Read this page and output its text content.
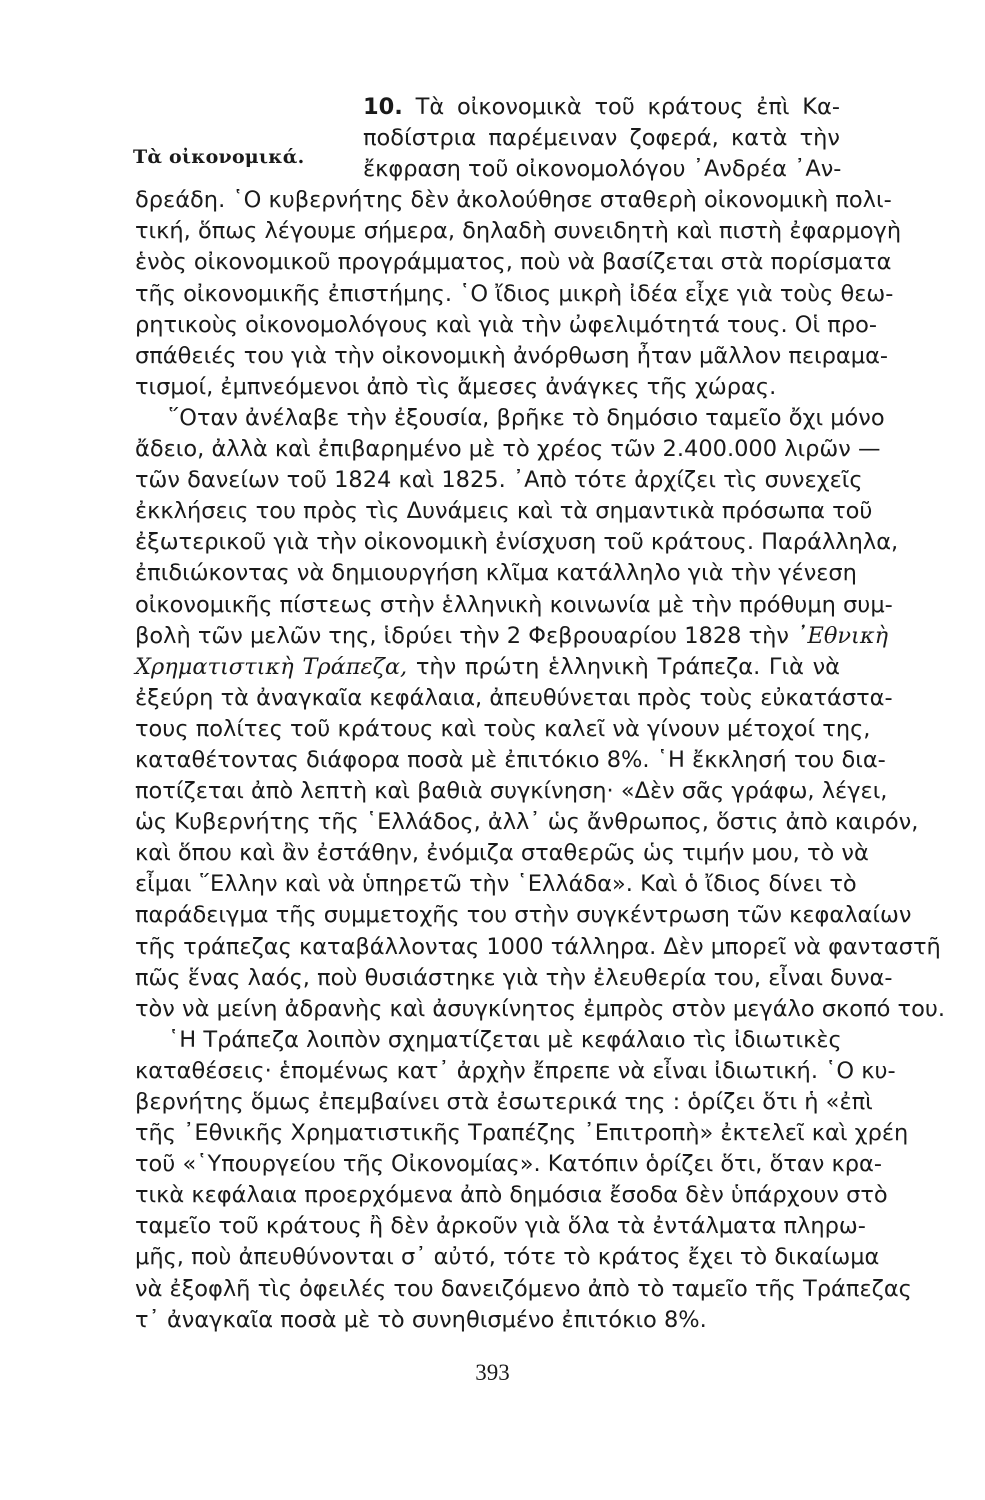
Τὰ οἰκονομικά.
10. Τὰ οἰκονομικὰ τοῦ κράτους ἐπὶ Κα-
ποδίστρια παρέμειναν ζοφερά, κατὰ τὴν
ἔκφραση τοῦ οἰκονομολόγου ᾿Ανδρέα ᾿Αν-
δρεάδη. ῾Ο κυβερνήτης δὲν ἀκολούθησε σταθερὴ οἰκονομικὴ πολι-
τική, ὅπως λέγουμε σήμερα, δηλαδὴ συνειδητὴ καὶ πιστὴ ἐφαρμογὴ
ἑνὸς οἰκονομικοῦ προγράμματος, ποὺ νὰ βασίζεται στὰ πορίσματα
τῆς οἰκονομικῆς ἐπιστήμης. ῾Ο ἴδιος μικρὴ ἰδέα εἶχε γιὰ τοὺς θεω-
ρητικοὺς οἰκονομολόγους καὶ γιὰ τὴν ὠφελιμότητά τους. Οἱ προ-
σπάθειές του γιὰ τὴν οἰκονομικὴ ἀνόρθωση ἦταν μᾶλλον πειραμα-
τισμοί, ἐμπνεόμενοι ἀπὸ τὶς ἄμεσες ἀνάγκες τῆς χώρας.
῞Οταν ἀνέλαβε τὴν ἐξουσία, βρῆκε τὸ δημόσιο ταμεῖο ὄχι μόνο
ἄδειο, ἀλλὰ καὶ ἐπιβαρημένο μὲ τὸ χρέος τῶν 2.400.000 λιρῶν —
τῶν δανείων τοῦ 1824 καὶ 1825. ᾿Απὸ τότε ἀρχίζει τὶς συνεχεῖς
ἐκκλήσεις του πρὸς τὶς Δυνάμεις καὶ τὰ σημαντικὰ πρόσωπα τοῦ
ἐξωτερικοῦ γιὰ τὴν οἰκονομικὴ ἐνίσχυση τοῦ κράτους. Παράλληλα,
ἐπιδιώκοντας νὰ δημιουργήση κλῖμα κατάλληλο γιὰ τὴν γένεση
οἰκονομικῆς πίστεως στὴν ἑλληνικὴ κοινωνία μὲ τὴν πρόθυμη συμ-
βολὴ τῶν μελῶν της, ἱδρύει τὴν 2 Φεβρουαρίου 1828 τὴν ᾿Εθνικὴ
Χρηματιστικὴ Τράπεζα, τὴν πρώτη ἑλληνικὴ Τράπεζα. Γιὰ νὰ
ἐξεύρη τὰ ἀναγκαῖα κεφάλαια, ἀπευθύνεται πρὸς τοὺς εὐκατάστα-
τους πολίτες τοῦ κράτους καὶ τοὺς καλεῖ νὰ γίνουν μέτοχοί της,
καταθέτοντας διάφορα ποσὰ μὲ ἐπιτόκιο 8%. ῾Η ἔκκλησή του δια-
ποτίζεται ἀπὸ λεπτὴ καὶ βαθιὰ συγκίνηση· «Δὲν σᾶς γράφω, λέγει,
ὡς Κυβερνήτης τῆς ῾Ελλάδος, ἀλλ᾿ ὡς ἄνθρωπος, ὅστις ἀπὸ καιρόν,
καὶ ὅπου καὶ ἂν ἐστάθην, ἐνόμιζα σταθερῶς ὡς τιμήν μου, τὸ νὰ
εἶμαι ῞Ελλην καὶ νὰ ὑπηρετῶ τὴν ῾Ελλάδα». Καὶ ὁ ἴδιος δίνει τὸ
παράδειγμα τῆς συμμετοχῆς του στὴν συγκέντρωση τῶν κεφαλαίων
τῆς τράπεζας καταβάλλοντας 1000 τάλληρα. Δὲν μπορεῖ νὰ φανταστῆ
πῶς ἕνας λαός, ποὺ θυσιάστηκε γιὰ τὴν ἐλευθερία του, εἶναι δυνα-
τὸν νὰ μείνη ἀδρανὴς καὶ ἀσυγκίνητος ἐμπρὸς στὸν μεγάλο σκοπό του.
῾Η Τράπεζα λοιπὸν σχηματίζεται μὲ κεφάλαιο τὶς ἰδιωτικὲς
καταθέσεις· ἑπομένως κατ᾿ ἀρχὴν ἔπρεπε νὰ εἶναι ἰδιωτική. ῾Ο κυ-
βερνήτης ὅμως ἐπεμβαίνει στὰ ἐσωτερικά της : ὁρίζει ὅτι ἡ «ἐπὶ
τῆς ᾿Εθνικῆς Χρηματιστικῆς Τραπέζης ᾿Επιτροπὴ» ἐκτελεῖ καὶ χρέη
τοῦ «῾Υπουργείου τῆς Οἰκονομίας». Κατόπιν ὁρίζει ὅτι, ὅταν κρα-
τικὰ κεφάλαια προερχόμενα ἀπὸ δημόσια ἔσοδα δὲν ὑπάρχουν στὸ
ταμεῖο τοῦ κράτους ἢ δὲν ἀρκοῦν γιὰ ὅλα τὰ ἐντάλματα πληρω-
μῆς, ποὺ ἀπευθύνονται σ᾿ αὐτό, τότε τὸ κράτος ἔχει τὸ δικαίωμα
νὰ ἐξοφλῆ τὶς ὀφειλές του δανειζόμενο ἀπὸ τὸ ταμεῖο τῆς Τράπεζας
τ᾿ ἀναγκαῖα ποσὰ μὲ τὸ συνηθισμένο ἐπιτόκιο 8%.
393
